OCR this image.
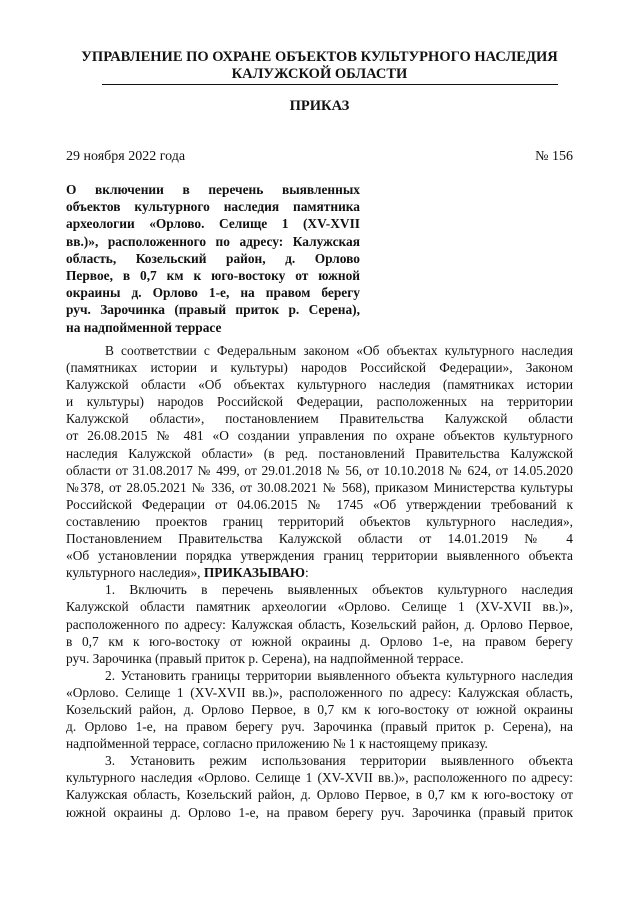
УПРАВЛЕНИЕ ПО ОХРАНЕ ОБЪЕКТОВ КУЛЬТУРНОГО НАСЛЕДИЯ
КАЛУЖСКОЙ ОБЛАСТИ
ПРИКАЗ
29 ноября 2022 года	№ 156
О включении в перечень выявленных
объектов культурного наследия памятника
археологии «Орлово. Селище 1 (XV-XVII
вв.)», расположенного по адресу: Калужская
область, Козельский район, д. Орлово
Первое, в 0,7 км к юго-востоку от южной
окраины д. Орлово 1-е, на правом берегу
руч. Зарочинка (правый приток р. Серена),
на надпойменной террасе
В соответствии с Федеральным законом «Об объектах культурного наследия
(памятниках истории и культуры) народов Российской Федерации», Законом
Калужской области «Об объектах культурного наследия (памятниках истории
и культуры) народов Российской Федерации, расположенных на территории
Калужской области», постановлением Правительства Калужской области
от 26.08.2015 № 481 «О создании управления по охране объектов культурного
наследия Калужской области» (в ред. постановлений Правительства Калужской
области от 31.08.2017 № 499, от 29.01.2018 № 56, от 10.10.2018 № 624, от 14.05.2020
№378, от 28.05.2021 № 336, от 30.08.2021 № 568), приказом Министерства культуры
Российской Федерации от 04.06.2015 № 1745 «Об утверждении требований к
составлению проектов границ территорий объектов культурного наследия»,
Постановлением Правительства Калужской области от 14.01.2019 № 4
«Об установлении порядка утверждения границ территории выявленного объекта
культурного наследия», ПРИКАЗЫВАЮ:
1. Включить в перечень выявленных объектов культурного наследия
Калужской области памятник археологии «Орлово. Селище 1 (XV-XVII вв.)»,
расположенного по адресу: Калужская область, Козельский район, д. Орлово Первое,
в 0,7 км к юго-востоку от южной окраины д. Орлово 1-е, на правом берегу
руч. Зарочинка (правый приток р. Серена), на надпойменной террасе.
2. Установить границы территории выявленного объекта культурного наследия
«Орлово. Селище 1 (XV-XVII вв.)», расположенного по адресу: Калужская область,
Козельский район, д. Орлово Первое, в 0,7 км к юго-востоку от южной окраины
д. Орлово 1-е, на правом берегу руч. Зарочинка (правый приток р. Серена), на
надпойменной террасе, согласно приложению № 1 к настоящему приказу.
3. Установить режим использования территории выявленного объекта
культурного наследия «Орлово. Селище 1 (XV-XVII вв.)», расположенного по адресу:
Калужская область, Козельский район, д. Орлово Первое, в 0,7 км к юго-востоку от
южной окраины д. Орлово 1-е, на правом берегу руч. Зарочинка (правый приток
